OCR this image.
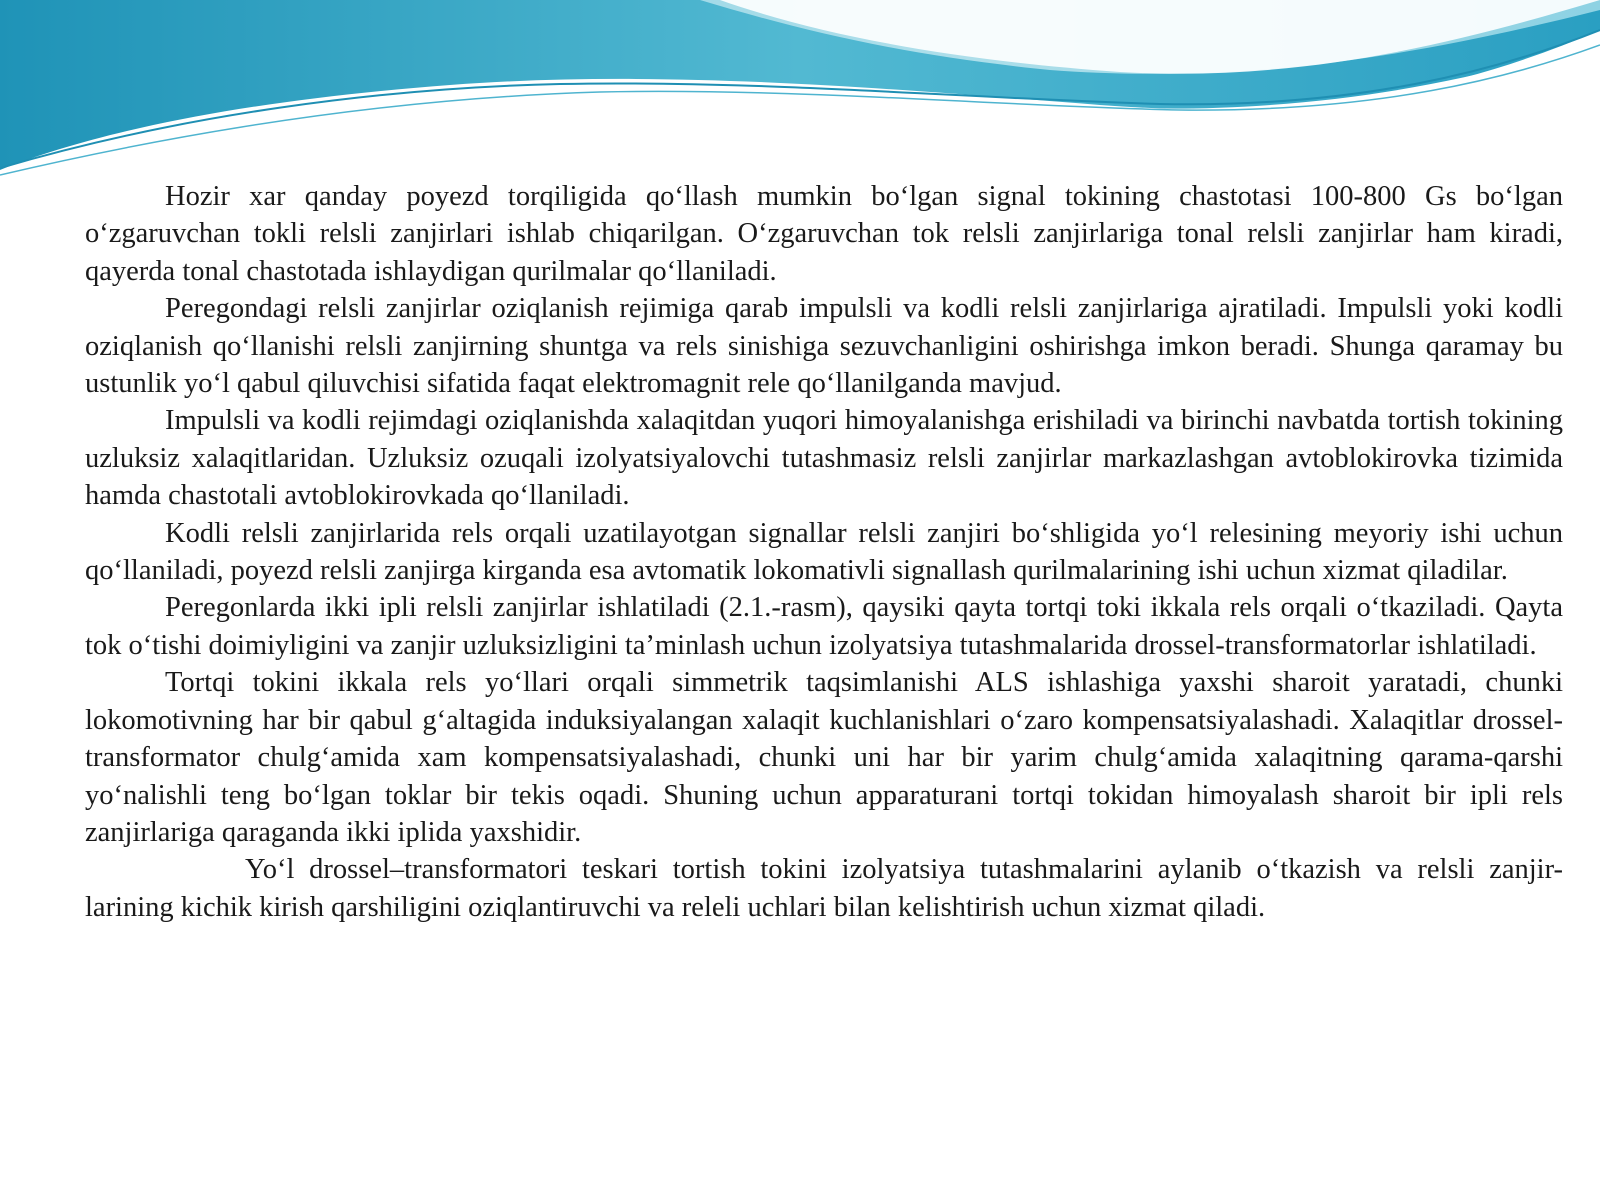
Hozir xar qanday poyezd torqiligida qo‘llash mumkin bo‘lgan signal tokining chastotasi 100-800 Gs bo‘lgan o‘zgaruvchan tokli relsli zanjirlari ishlab chiqarilgan. O‘zgaruvchan tok relsli zanjirlariga tonal relsli zanjirlar ham kiradi, qayerda tonal chastotada ishlaydigan qurilmalar qo‘llaniladi.

Peregondagi relsli zanjirlar oziqlanish rejimiga qarab impulsli va kodli relsli zanjirlariga ajratiladi. Impulsli yoki kodli oziqlanish qo‘llanishi relsli zanjirning shuntga va rels sinishiga sezuvchanligini oshirishga imkon beradi. Shunga qaramay bu ustunlik yo‘l qabul qiluvchisi sifatida faqat elektromagnit rele qo‘llanilganda mavjud.

Impulsli va kodli rejimdagi oziqlanishda xalaqitdan yuqori himoyalanishga erishiladi va birinchi navbatda tortish tokining uzluksiz xalaqitlaridan. Uzluksiz ozuqali izolyatsiyalovchi tutashmasiz relsli zanjirlar markazlashgan avtoblokirovka tizimida hamda chastotali avtoblokirovkada qo‘llaniladi.

Kodli relsli zanjirlarida rels orqali uzatilayotgan signallar relsli zanjiri bo‘shligida yo‘l relesining meyoriy ishi uchun qo‘llaniladi, poyezd relsli zanjirga kirganda esa avtomatik lokomativli signallash qurilmalarining ishi uchun xizmat qiladilar.

Peregonlarda ikki ipli relsli zanjirlar ishlatiladi (2.1.-rasm), qaysiki qayta tortqi toki ikkala rels orqali o‘tkaziladi. Qayta tok o‘tishi doimiyligini va zanjir uzluksizligini ta’minlash uchun izolyatsiya tutashmalarida drossel-transformatorlar ishlatiladi.

Tortqi tokini ikkala rels yo‘llari orqali simmetrik taqsimlanishi ALS ishlashiga yaxshi sharoit yaratadi, chunki lokomotivning har bir qabul g‘altagida induksiyalangan xalaqit kuchlanishlari o‘zaro kompensatsiyalashadi. Xalaqitlar drossel-transformator chulg‘amida xam kompensatsiyalashadi, chunki uni har bir yarim chulg‘amida xalaqitning qarama-qarshi yo‘nalishli teng bo‘lgan toklar bir tekis oqadi. Shuning uchun apparaturani tortqi tokidan himoyalash sharoit bir ipli rels zanjirlariga qaraganda ikki iplida yaxshidir.

Yo‘l drossel–transformatori teskari tortish tokini izolyatsiya tutashmalarini aylanib o‘tkazish va relsli zanjir-larining kichik kirish qarshiligini oziqlantiruvchi va releli uchlari bilan kelishtirish uchun xizmat qiladi.
